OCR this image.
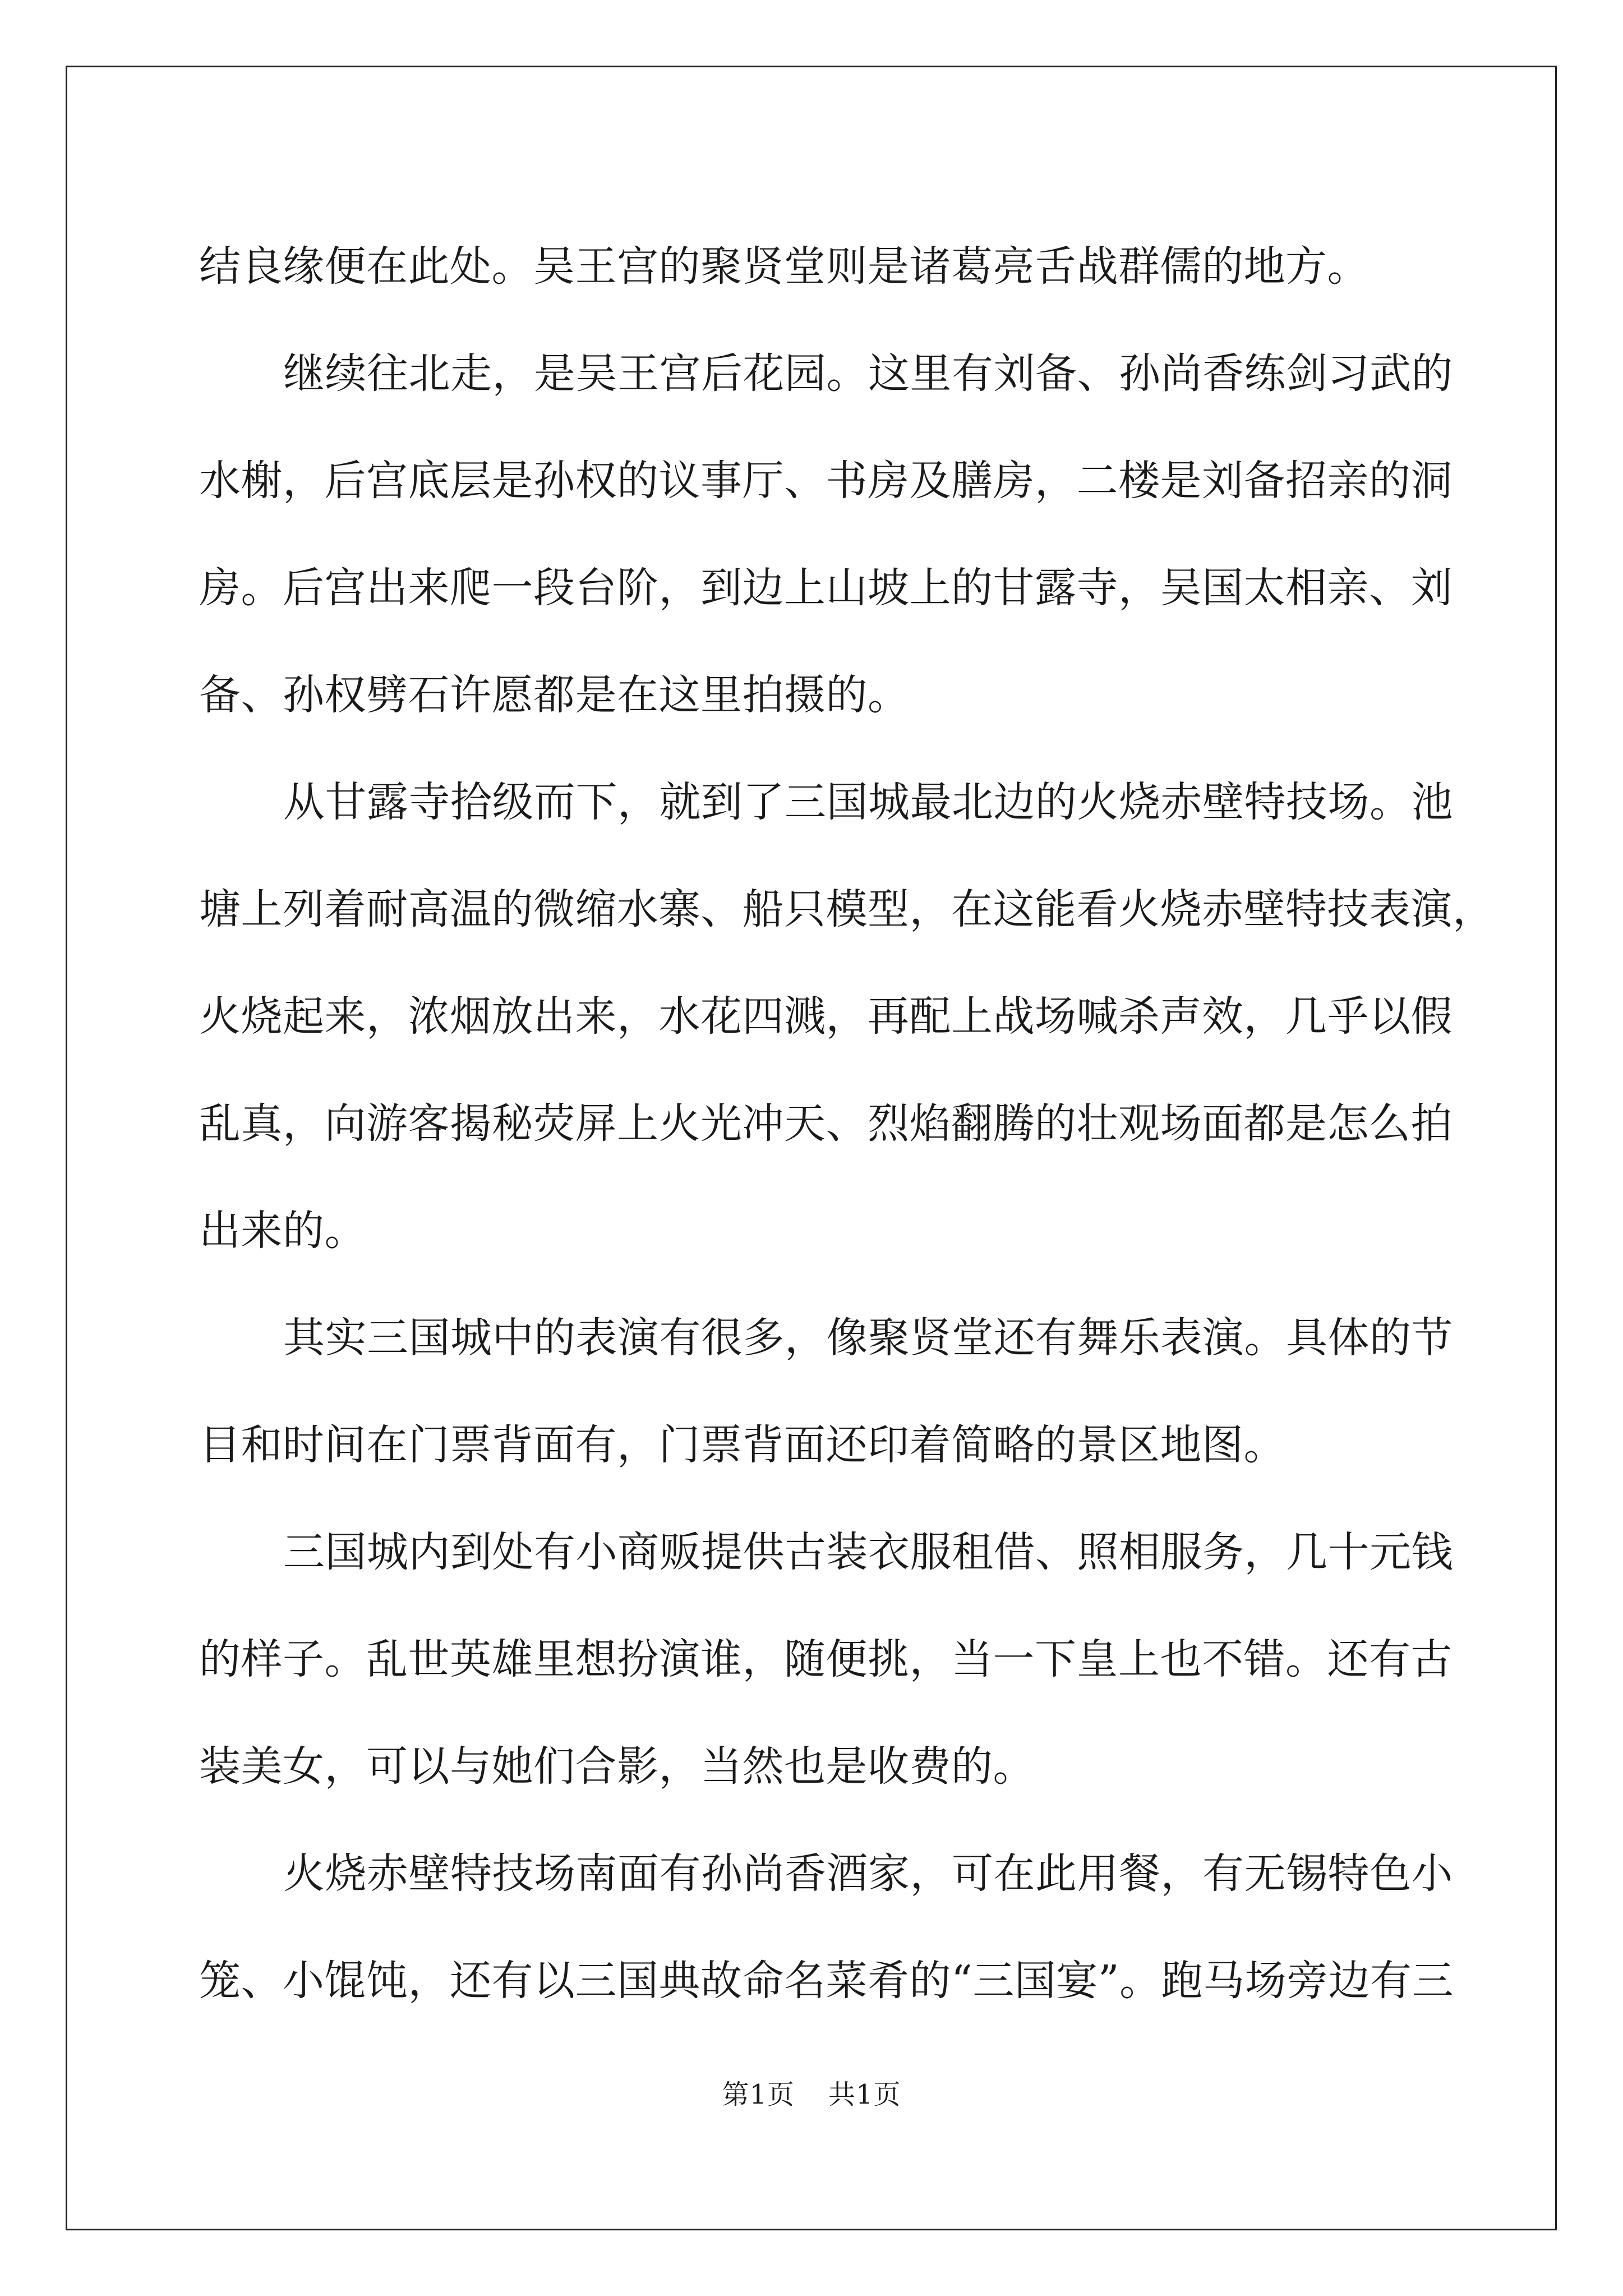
结良缘便在此处。吴王宫的聚贤堂则是诸葛亮舌战群儒的地方。
继续往北走，是吴王宫后花园。这里有刘备、孙尚香练剑习武的
水榭，后宫底层是孙权的议事厅、书房及膳房，二楼是刘备招亲的洞
房。后宫出来爬一段台阶，到边上山坡上的甘露寺，吴国太相亲、刘
备、孙权劈石许愿都是在这里拍摄的。
从甘露寺拾级而下，就到了三国城最北边的火烧赤壁特技场。池
塘上列着耐高温的微缩水寨、船只模型，在这能看火烧赤壁特技表演，
火烧起来，浓烟放出来，水花四溅，再配上战场喊杀声效，几乎以假
乱真，向游客揭秘荧屏上火光冲天、烈焰翻腾的壮观场面都是怎么拍
出来的。
其实三国城中的表演有很多，像聚贤堂还有舞乐表演。具体的节
目和时间在门票背面有，门票背面还印着简略的景区地图。
三国城内到处有小商贩提供古装衣服租借、照相服务，几十元钱
的样子。乱世英雄里想扮演谁，随便挑，当一下皇上也不错。还有古
装美女，可以与她们合影，当然也是收费的。
火烧赤壁特技场南面有孙尚香酒家，可在此用餐，有无锡特色小
笼、小馄饨，还有以三国典故命名菜肴的“三国宴”。跑马场旁边有三
第1页 共1页
